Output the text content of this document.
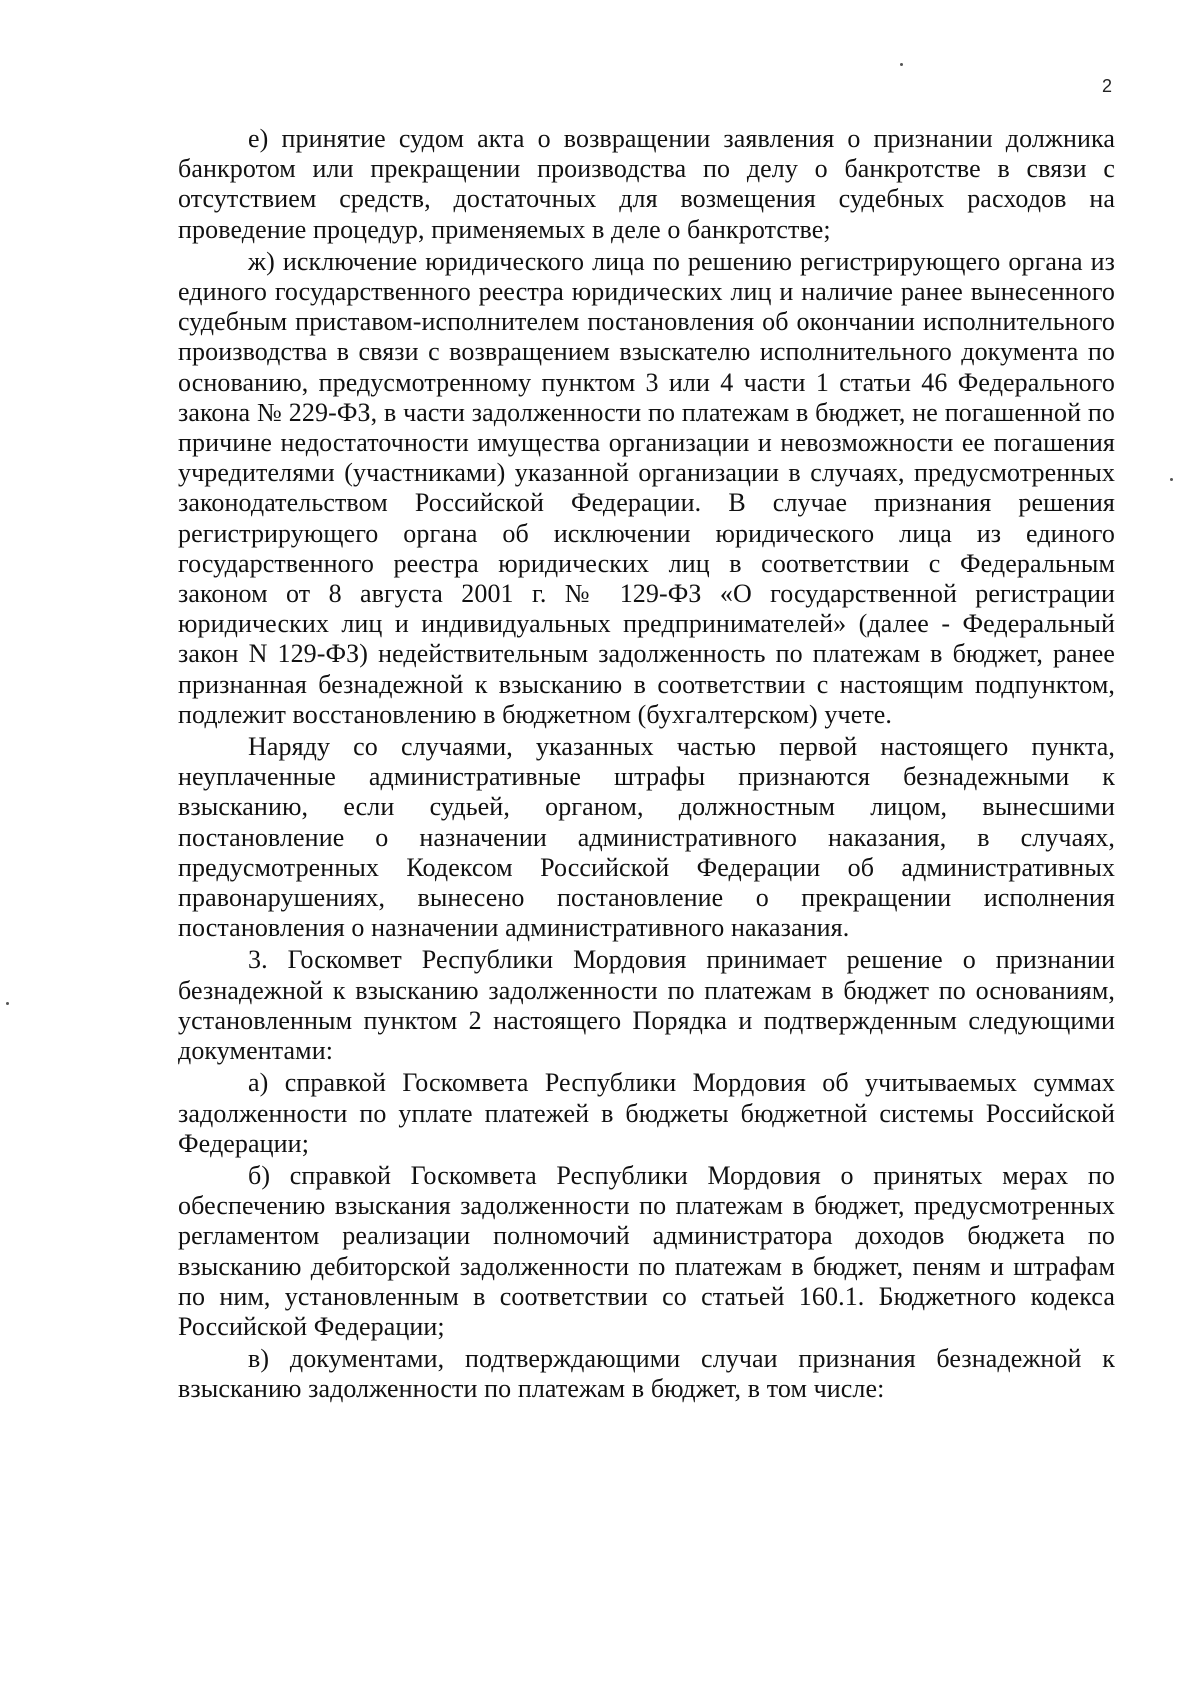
2

е) принятие судом акта о возвращении заявления о признании должника банкротом или прекращении производства по делу о банкротстве в связи с отсутствием средств, достаточных для возмещения судебных расходов на проведение процедур, применяемых в деле о банкротстве;

ж) исключение юридического лица по решению регистрирующего органа из единого государственного реестра юридических лиц и наличие ранее вынесенного судебным приставом-исполнителем постановления об окончании исполнительного производства в связи с возвращением взыскателю исполнительного документа по основанию, предусмотренному пунктом 3 или 4 части 1 статьи 46 Федерального закона № 229-ФЗ, в части задолженности по платежам в бюджет, не погашенной по причине недостаточности имущества организации и невозможности ее погашения учредителями (участниками) указанной организации в случаях, предусмотренных законодательством Российской Федерации. В случае признания решения регистрирующего органа об исключении юридического лица из единого государственного реестра юридических лиц в соответствии с Федеральным законом от 8 августа 2001 г. № 129-ФЗ «О государственной регистрации юридических лиц и индивидуальных предпринимателей» (далее - Федеральный закон N 129-ФЗ) недействительным задолженность по платежам в бюджет, ранее признанная безнадежной к взысканию в соответствии с настоящим подпунктом, подлежит восстановлению в бюджетном (бухгалтерском) учете.

Наряду со случаями, указанных частью первой настоящего пункта, неуплаченные административные штрафы признаются безнадежными к взысканию, если судьей, органом, должностным лицом, вынесшими постановление о назначении административного наказания, в случаях, предусмотренных Кодексом Российской Федерации об административных правонарушениях, вынесено постановление о прекращении исполнения постановления о назначении административного наказания.

3. Госкомвет Республики Мордовия принимает решение о признании безнадежной к взысканию задолженности по платежам в бюджет по основаниям, установленным пунктом 2 настоящего Порядка и подтвержденным следующими документами:

а) справкой Госкомвета Республики Мордовия об учитываемых суммах задолженности по уплате платежей в бюджеты бюджетной системы Российской Федерации;

б) справкой Госкомвета Республики Мордовия о принятых мерах по обеспечению взыскания задолженности по платежам в бюджет, предусмотренных регламентом реализации полномочий администратора доходов бюджета по взысканию дебиторской задолженности по платежам в бюджет, пеням и штрафам по ним, установленным в соответствии со статьей 160.1. Бюджетного кодекса Российской Федерации;

в) документами, подтверждающими случаи признания безнадежной к взысканию задолженности по платежам в бюджет, в том числе:
